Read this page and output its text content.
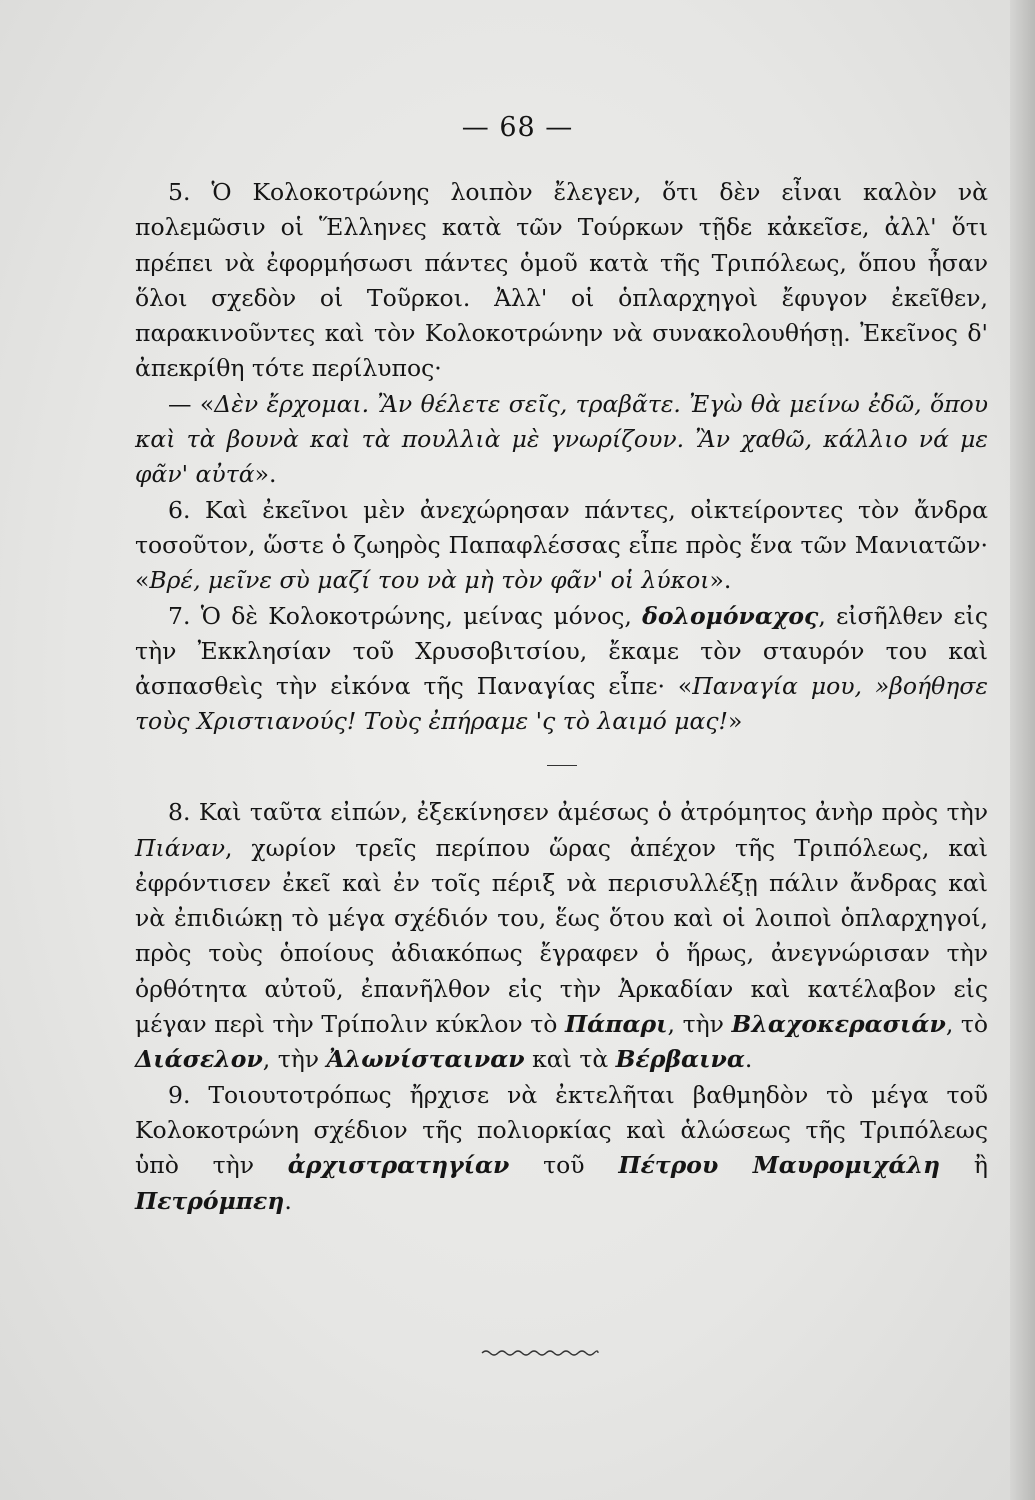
— 68 —

5. Ὁ Κολοκοτρώνης λοιπὸν ἔλεγεν, ὅτι δὲν εἶναι καλὸν νὰ πολεμῶσιν οἱ Ἕλληνες κατὰ τῶν Τούρκων τῇδε κἀκεῖσε, ἀλλ' ὅτι πρέπει νὰ ἐφορμήσωσι πάντες ὁμοῦ κατὰ τῆς Τριπόλεως, ὅπου ἦσαν ὅλοι σχεδὸν οἱ Τοῦρκοι. Ἀλλ' οἱ ὁπλαρχηγοὶ ἔφυγον ἐκεῖθεν, παρακινοῦντες καὶ τὸν Κολοκοτρώνην νὰ συνακολουθήσῃ. Ἐκεῖνος δ' ἀπεκρίθη τότε περίλυπος·

— «Δὲν ἔρχομαι. Ἂν θέλετε σεῖς, τραβᾶτε. Ἐγὼ θὰ μείνω ἐδῶ, ὅπου καὶ τὰ βουνὰ καὶ τὰ πουλλιὰ μὲ γνωρίζουν. Ἂν χαθῶ, κάλλιο νά με φᾶν' αὐτά».

6. Καὶ ἐκεῖνοι μὲν ἀνεχώρησαν πάντες, οἰκτείροντες τὸν ἄνδρα τοσοῦτον, ὥστε ὁ ζωηρὸς Παπαφλέσσας εἶπε πρὸς ἕνα τῶν Μανιατῶν· «Βρέ, μεῖνε σὺ μαζί του νὰ μὴ τὸν φᾶν' οἱ λύκοι».

7. Ὁ δὲ Κολοκοτρώνης, μείνας μόνος, δολομόναχος, εἰσῆλθεν εἰς τὴν Ἐκκλησίαν τοῦ Χρυσοβιτσίου, ἔκαμε τὸν σταυρόν του καὶ ἀσπασθεὶς τὴν εἰκόνα τῆς Παναγίας εἶπε· «Παναγία μου, »βοήθησε τοὺς Χριστιανούς! Τοὺς ἐπήραμε 'ς τὸ λαιμό μας!»

8. Καὶ ταῦτα εἰπών, ἐξεκίνησεν ἀμέσως ὁ ἀτρόμητος ἀνὴρ πρὸς τὴν Πιάναν, χωρίον τρεῖς περίπου ὥρας ἀπέχον τῆς Τριπόλεως, καὶ ἐφρόντισεν ἐκεῖ καὶ ἐν τοῖς πέριξ νὰ περισυλλέξῃ πάλιν ἄνδρας καὶ νὰ ἐπιδιώκῃ τὸ μέγα σχέδιόν του, ἕως ὅτου καὶ οἱ λοιποὶ ὁπλαρχηγοί, πρὸς τοὺς ὁποίους ἀδιακόπως ἔγραφεν ὁ ἥρως, ἀνεγνώρισαν τὴν ὀρθότητα αὐτοῦ, ἐπανῆλθον εἰς τὴν Ἀρκαδίαν καὶ κατέλαβον εἰς μέγαν περὶ τὴν Τρίπολιν κύκλον τὸ Πάπαρι, τὴν Βλαχοκερασιάν, τὸ Διάσελον, τὴν Ἀλωνίσταιναν καὶ τὰ Βέρβαινα.

9. Τοιουτοτρόπως ἤρχισε νὰ ἐκτελῆται βαθμηδὸν τὸ μέγα τοῦ Κολοκοτρώνη σχέδιον τῆς πολιορκίας καὶ ἁλώσεως τῆς Τριπόλεως ὑπὸ τὴν ἀρχιστρατηγίαν τοῦ Πέτρου Μαυρομιχάλη ἢ Πετρόμπεη.
